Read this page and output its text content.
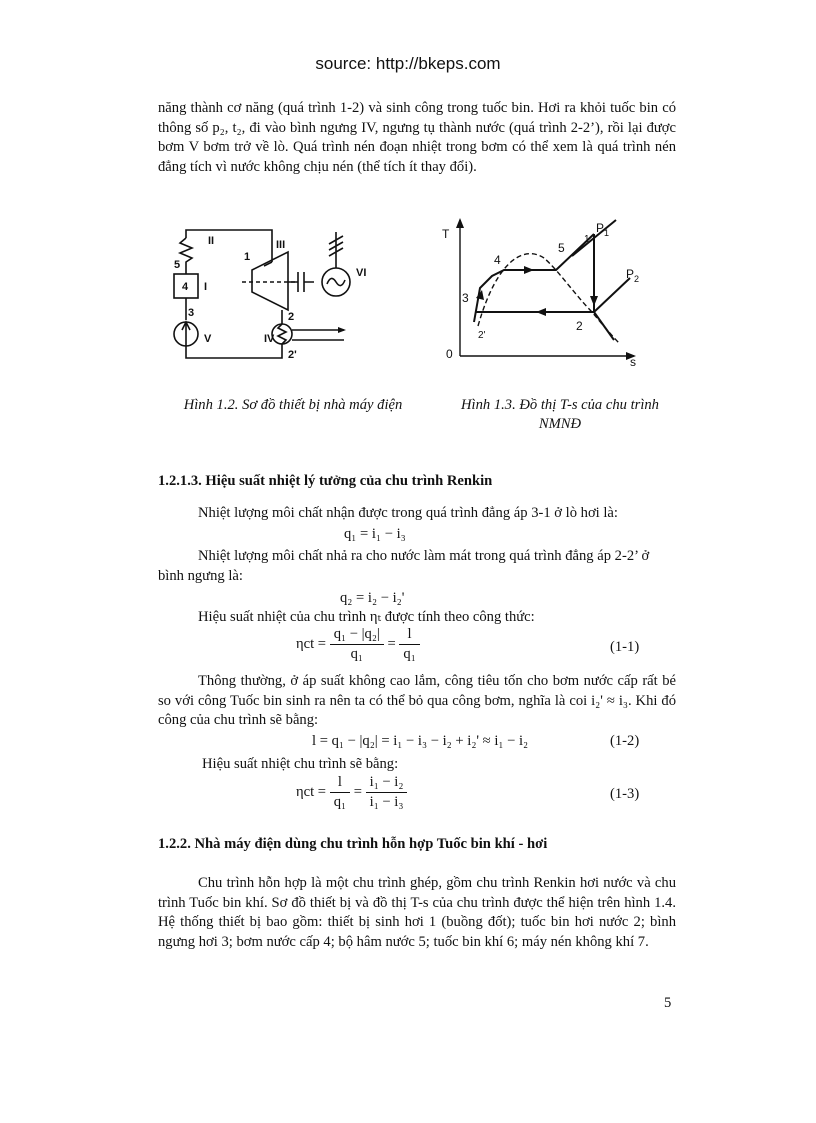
source: http://bkeps.com
năng thành cơ năng (quá trình 1-2) và sinh công trong tuốc bin. Hơi ra khỏi tuốc bin có thông số p₂, t₂, đi vào bình ngưng IV, ngưng tụ thành nước (quá trình 2-2’), rồi lại được bơm V bơm trở về lò. Quá trình nén đoạn nhiệt trong bơm có thể xem là quá trình nén đẳng tích vì nước không chịu nén (thể tích ít thay đổi).
II	III
1
VI
5
4 I
3	2
V	IV
2'
T
s
0
P 1
P 2
1
2
3
4
5
2'
Hình 1.2. Sơ đồ thiết bị nhà máy điện	Hình 1.3. Đồ thị T-s của chu trình
NMNĐ
1.2.1.3. Hiệu suất nhiệt lý tưởng của chu trình Renkin
Nhiệt lượng môi chất nhận được trong quá trình đẳng áp 3-1 ở lò hơi là:
q₁ = i₁ − i₃
Nhiệt lượng môi chất nhả ra cho nước làm mát trong quá trình đẳng áp 2-2’ ở
bình ngưng là:
q₂ = i₂ − i₂'
Hiệu suất nhiệt của chu trình ηₜ được tính theo công thức:
$\eta ct = \frac{\text{q₁ − |q₂|}}{\text{q₁}} = \frac{l}{\text{q₁}}$	(1-1)
Thông thường, ở áp suất không cao lắm, công tiêu tốn cho bơm nước cấp rất bé so với công Tuốc bin sinh ra nên ta có thể bỏ qua công bơm, nghĩa là coi i₂' ≈ i₃. Khi đó công của chu trình sẽ bằng:
l = q₁ − |q₂| = i₁ − i₃ − i₂ + i₂' ≈ i₁ − i₂	(1-2)
Hiệu suất nhiệt chu trình sẽ bằng:
$\eta ct = \frac{l}{\text{q₁}} = \frac{\text{i₁ − i₂}}{\text{i₁ − i₃}}$	(1-3)
1.2.2. Nhà máy điện dùng chu trình hỗn hợp Tuốc bin khí - hơi
Chu trình hỗn hợp là một chu trình ghép, gồm chu trình Renkin hơi nước và chu trình Tuốc bin khí. Sơ đồ thiết bị và đồ thị T-s của chu trình được thể hiện trên hình 1.4. Hệ thống thiết bị bao gồm: thiết bị sinh hơi 1 (buồng đốt); tuốc bin hơi nước 2; bình ngưng hơi 3; bơm nước cấp 4; bộ hâm nước 5; tuốc bin khí 6; máy nén không khí 7.
5
